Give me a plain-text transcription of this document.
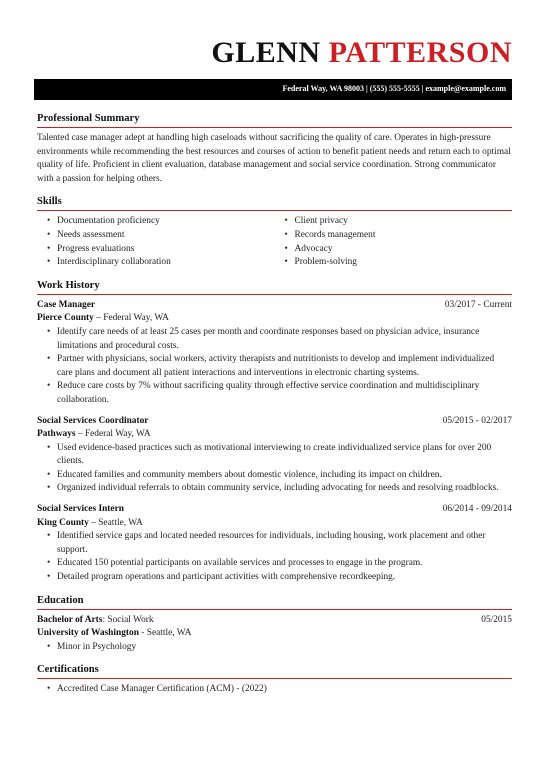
GLENN PATTERSON
Federal Way, WA 98003 | (555) 555-5555 | example@example.com
Professional Summary

Talented case manager adept at handling high caseloads without sacrificing the quality of care. Operates in high-pressure environments while recommending the best resources and courses of action to benefit patient needs and return each to optimal quality of life. Proficient in client evaluation, database management and social service coordination. Strong communicator with a passion for helping others.

Skills
• Documentation proficiency
• Needs assessment
• Progress evaluations
• Interdisciplinary collaboration
• Client privacy
• Records management
• Advocacy
• Problem-solving
Work History
Case Manager	03/2017 - Current
Pierce County – Federal Way, WA
• Identify care needs of at least 25 cases per month and coordinate responses based on physician advice, insurance limitations and procedural costs.
• Partner with physicians, social workers, activity therapists and nutritionists to develop and implement individualized care plans and document all patient interactions and interventions in electronic charting systems.
• Reduce care costs by 7% without sacrificing quality through effective service coordination and multidisciplinary collaboration.
Social Services Coordinator	05/2015 - 02/2017
Pathways – Federal Way, WA
• Used evidence-based practices such as motivational interviewing to create individualized service plans for over 200 clients.
• Educated families and community members about domestic violence, including its impact on children.
• Organized individual referrals to obtain community service, including advocating for needs and resolving roadblocks.
Social Services Intern	06/2014 - 09/2014
King County – Seattle, WA
• Identified service gaps and located needed resources for individuals, including housing, work placement and other support.
• Educated 150 potential participants on available services and processes to engage in the program.
• Detailed program operations and participant activities with comprehensive recordkeeping.
Education
Bachelor of Arts: Social Work	05/2015
University of Washington - Seattle, WA
• Minor in Psychology
Certifications
• Accredited Case Manager Certification (ACM) - (2022)
